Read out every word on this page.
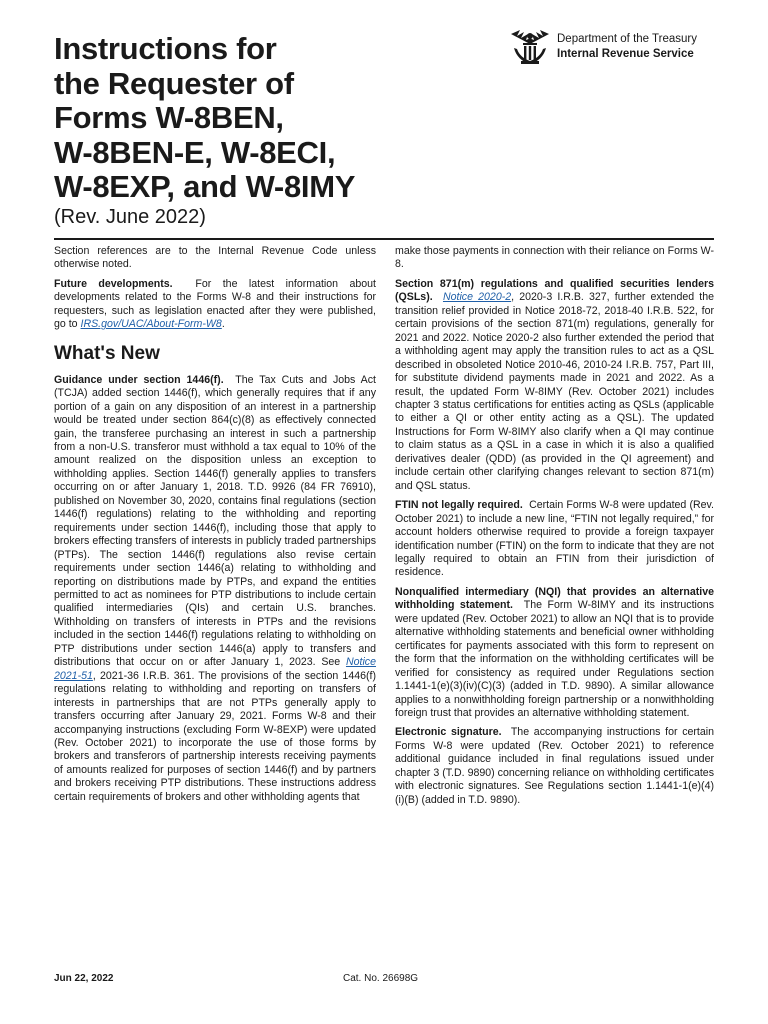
Instructions for
the Requester of
Forms W-8BEN,
W-8BEN-E, W-8ECI,
W-8EXP, and W-8IMY
(Rev. June 2022)
Department of the Treasury
Internal Revenue Service

Section references are to the Internal Revenue Code unless otherwise noted.

Future developments. For the latest information about developments related to the Forms W-8 and their instructions for requesters, such as legislation enacted after they were published, go to IRS.gov/UAC/About-Form-W8.

What's New

Guidance under section 1446(f). The Tax Cuts and Jobs Act (TCJA) added section 1446(f), which generally requires that if any portion of a gain on any disposition of an interest in a partnership would be treated under section 864(c)(8) as effectively connected gain, the transferee purchasing an interest in such a partnership from a non-U.S. transferor must withhold a tax equal to 10% of the amount realized on the disposition unless an exception to withholding applies. Section 1446(f) generally applies to transfers occurring on or after January 1, 2018. T.D. 9926 (84 FR 76910), published on November 30, 2020, contains final regulations (section 1446(f) regulations) relating to the withholding and reporting requirements under section 1446(f), including those that apply to brokers effecting transfers of interests in publicly traded partnerships (PTPs). The section 1446(f) regulations also revise certain requirements under section 1446(a) relating to withholding and reporting on distributions made by PTPs, and expand the entities permitted to act as nominees for PTP distributions to include certain qualified intermediaries (QIs) and certain U.S. branches. Withholding on transfers of interests in PTPs and the revisions included in the section 1446(f) regulations relating to withholding on PTP distributions under section 1446(a) apply to transfers and distributions that occur on or after January 1, 2023. See Notice 2021-51, 2021-36 I.R.B. 361. The provisions of the section 1446(f) regulations relating to withholding and reporting on transfers of interests in partnerships that are not PTPs generally apply to transfers occurring after January 29, 2021. Forms W-8 and their accompanying instructions (excluding Form W-8EXP) were updated (Rev. October 2021) to incorporate the use of those forms by brokers and transferors of partnership interests receiving payments of amounts realized for purposes of section 1446(f) and by partners and brokers receiving PTP distributions. These instructions address certain requirements of brokers and other withholding agents that

make those payments in connection with their reliance on Forms W-8.

Section 871(m) regulations and qualified securities lenders (QSLs). Notice 2020-2, 2020-3 I.R.B. 327, further extended the transition relief provided in Notice 2018-72, 2018-40 I.R.B. 522, for certain provisions of the section 871(m) regulations, generally for 2021 and 2022. Notice 2020-2 also further extended the period that a withholding agent may apply the transition rules to act as a QSL described in obsoleted Notice 2010-46, 2010-24 I.R.B. 757, Part III, for substitute dividend payments made in 2021 and 2022. As a result, the updated Form W-8IMY (Rev. October 2021) includes chapter 3 status certifications for entities acting as QSLs (applicable to either a QI or other entity acting as a QSL). The updated Instructions for Form W-8IMY also clarify when a QI may continue to claim status as a QSL in a case in which it is also a qualified derivatives dealer (QDD) (as provided in the QI agreement) and include certain other clarifying changes relevant to section 871(m) and QSL status.

FTIN not legally required. Certain Forms W-8 were updated (Rev. October 2021) to include a new line, “FTIN not legally required,” for account holders otherwise required to provide a foreign taxpayer identification number (FTIN) on the form to indicate that they are not legally required to obtain an FTIN from their jurisdiction of residence.

Nonqualified intermediary (NQI) that provides an alternative withholding statement. The Form W-8IMY and its instructions were updated (Rev. October 2021) to allow an NQI that is to provide alternative withholding statements and beneficial owner withholding certificates for payments associated with this form to represent on the form that the information on the withholding certificates will be verified for consistency as required under Regulations section 1.1441-1(e)(3)(iv)(C)(3) (added in T.D. 9890). A similar allowance applies to a nonwithholding foreign partnership or a nonwithholding foreign trust that provides an alternative withholding statement.

Electronic signature. The accompanying instructions for certain Forms W-8 were updated (Rev. October 2021) to reference additional guidance included in final regulations issued under chapter 3 (T.D. 9890) concerning reliance on withholding certificates with electronic signatures. See Regulations section 1.1441-1(e)(4)(i)(B) (added in T.D. 9890).

Jun 22, 2022	Cat. No. 26698G
